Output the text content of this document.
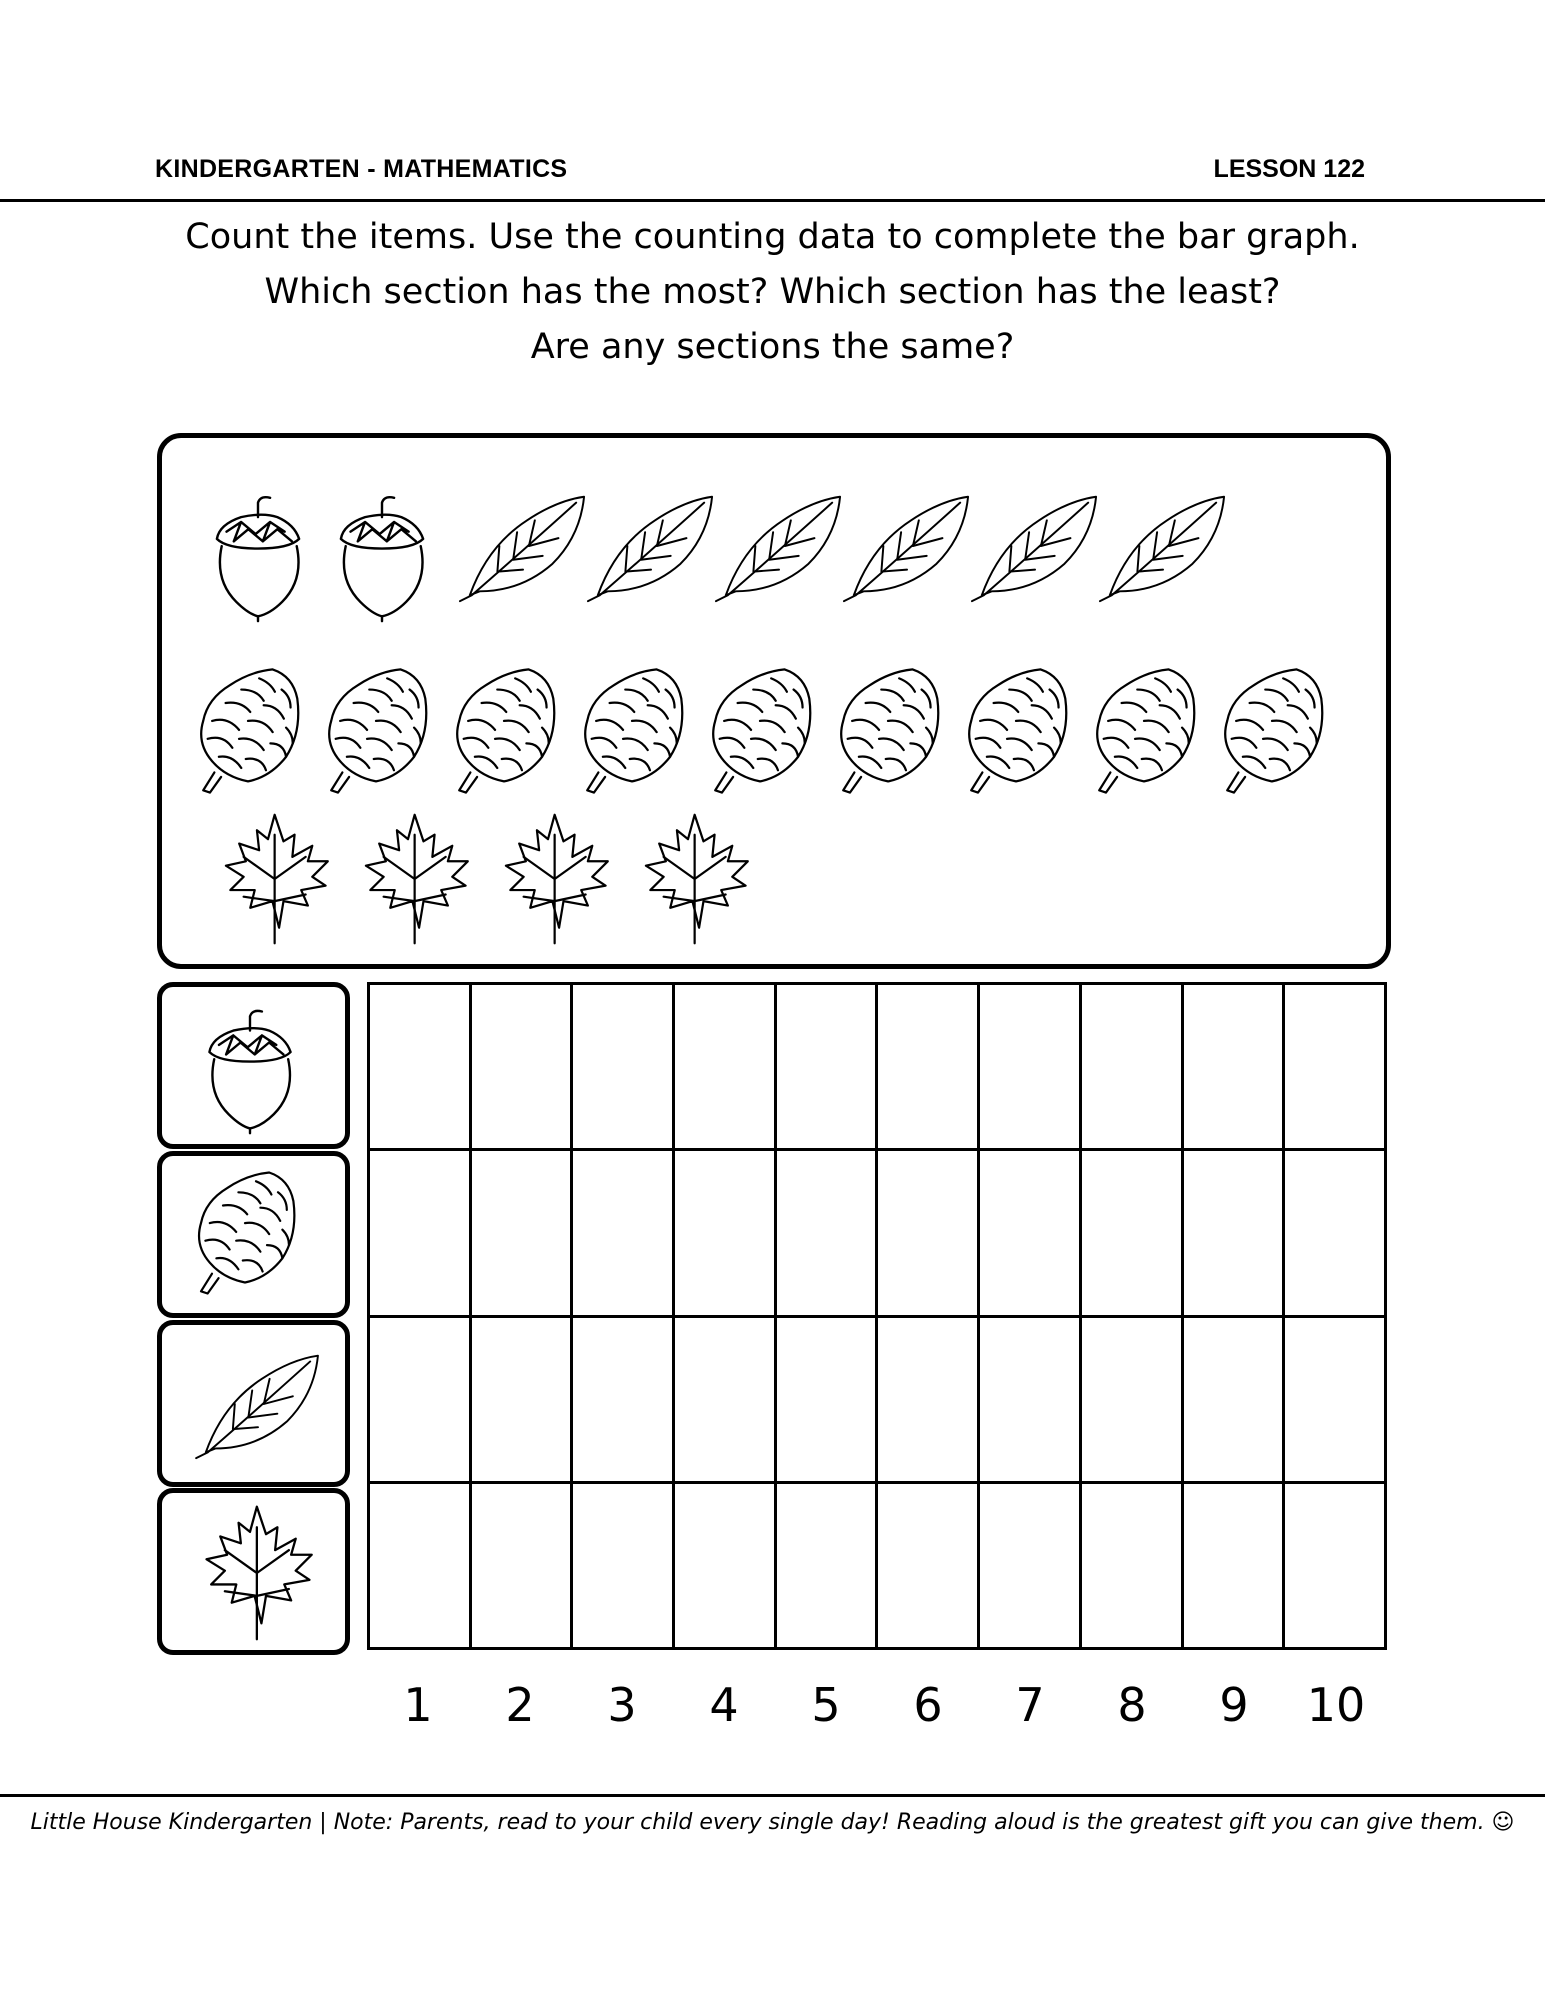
KINDERGARTEN - MATHEMATICS	LESSON 122
Count the items. Use the counting data to complete the bar graph.
Which section has the most? Which section has the least?
Are any sections the same?
1	2	3	4	5	6	7	8	9	10
Little House Kindergarten | Note: Parents, read to your child every single day! Reading aloud is the greatest gift you can give them. ☺
